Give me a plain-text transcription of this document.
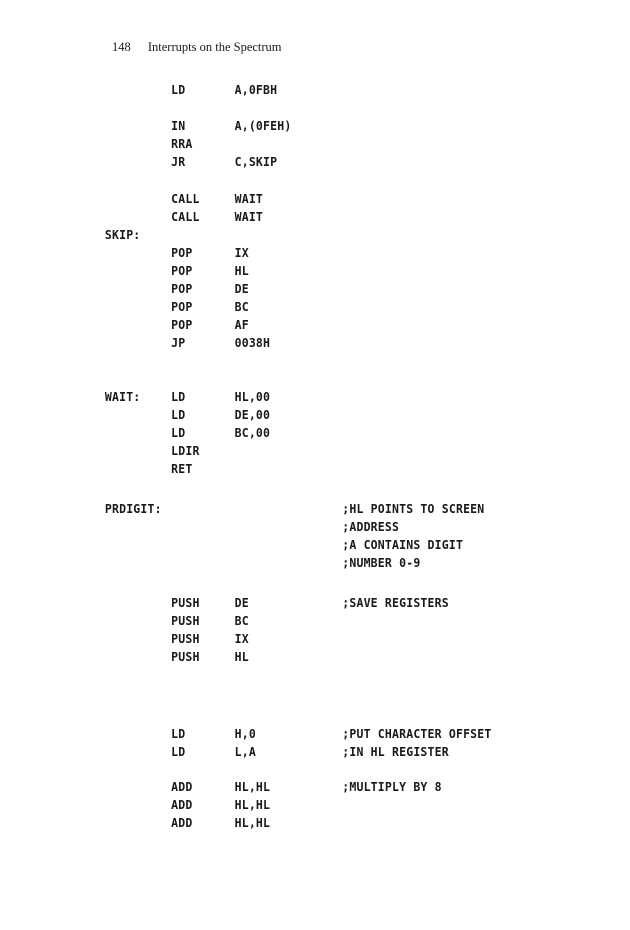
148 Interrupts on the Spectrum
LD	A,0FBH
IN	A,(0FEH)
RRA
JR	C,SKIP
CALL	WAIT
CALL	WAIT
SKIP:
POP	IX
POP	HL
POP	DE
POP	BC
POP	AF
JP	0038H
WAIT: LD	HL,00
LD	DE,00
LD	BC,00
LDIR
RET
PRDIGIT:	;HL POINTS TO SCREEN
;ADDRESS
;A CONTAINS DIGIT
;NUMBER 0-9
PUSH	DE	;SAVE REGISTERS
PUSH	BC
PUSH	IX
PUSH	HL
LD	H,0	;PUT CHARACTER OFFSET
LD	L,A	;IN HL REGISTER
ADD	HL,HL	;MULTIPLY BY 8
ADD	HL,HL
ADD	HL,HL
